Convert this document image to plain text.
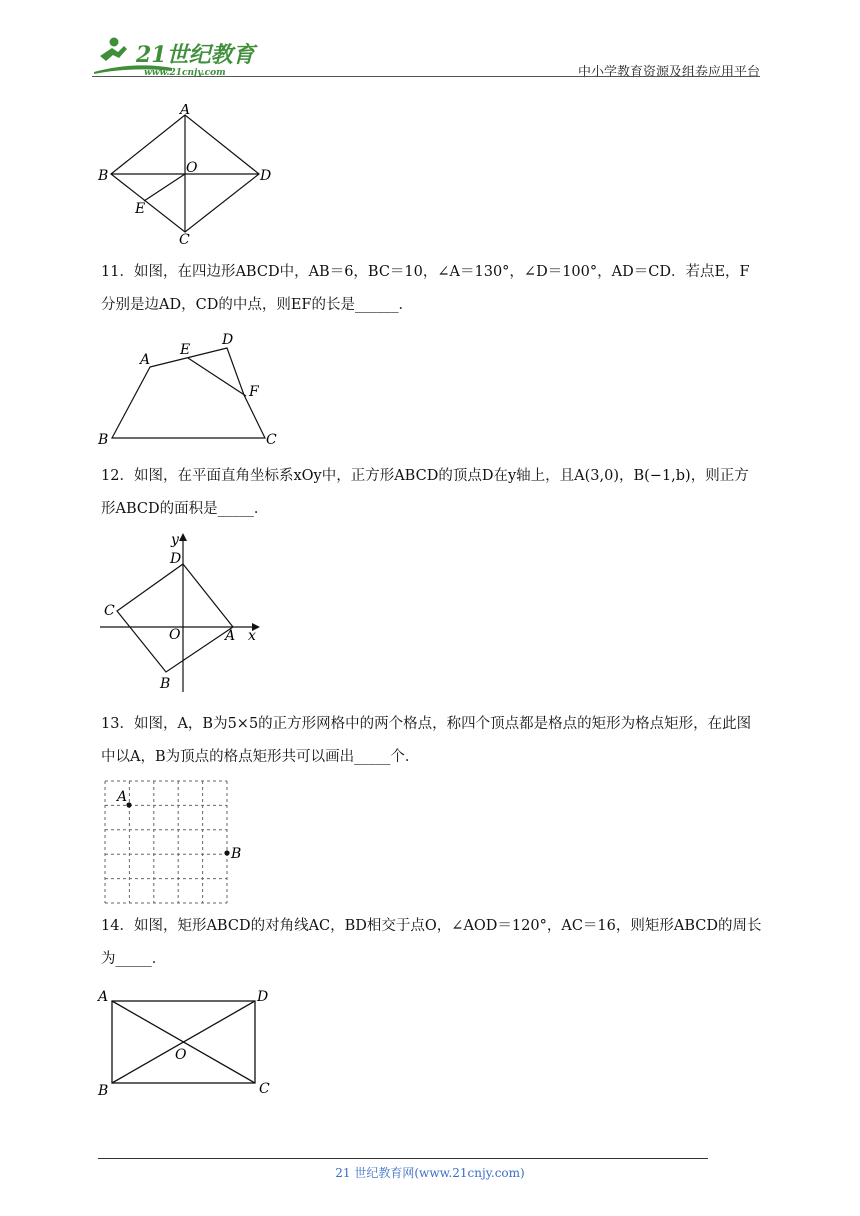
21世纪教育
www.21cnjy.com	中小学教育资源及组卷应用平台
A
B	D
O
E
C
11．如图，在四边形ABCD中，AB＝6，BC＝10，∠A＝130°，∠D＝100°，AD＝CD．若点E，F 分别是边AD，CD的中点，则EF的长是______．
A
E
D
F
B	C
12．如图，在平面直角坐标系xOy中，正方形ABCD的顶点D在y轴上，且A(3,0)，B(−1,b)，则正方形ABCD的面积是_____．
y
D
C
O	A x
B
13．如图，A，B为5×5的正方形网格中的两个格点，称四个顶点都是格点的矩形为格点矩形，在此图中以A，B为顶点的格点矩形共可以画出_____个．
A
B
14．如图，矩形ABCD的对角线AC，BD相交于点O，∠AOD＝120°，AC＝16，则矩形ABCD的周长为_____．
A	D
O
B	C
21 世纪教育网(www.21cnjy.com)
